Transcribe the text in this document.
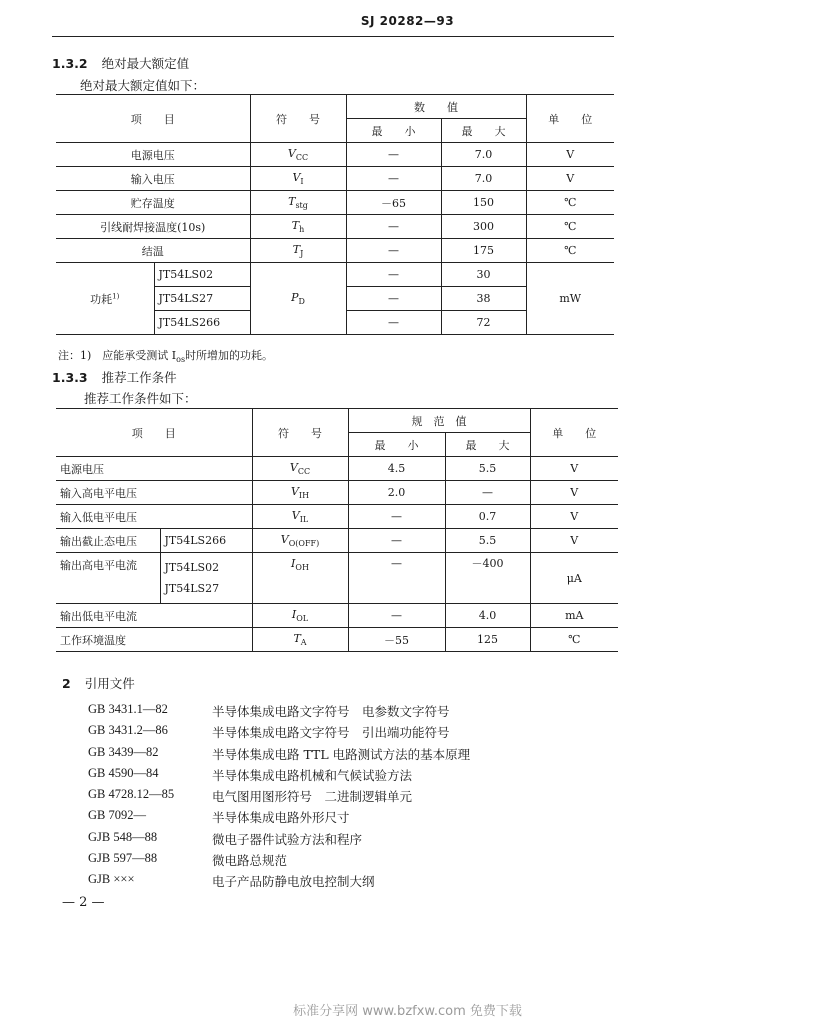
SJ 20282—93
1.3.2 绝对最大额定值
绝对最大额定值如下：
项　　目		符　　号	数　　值		单　　位
			最　　小	最　　大	
电源电压		$V_{CC}$	—	7.0	V
输入电压		$V_I$	—	7.0	V
贮存温度		$T_{stg}$	－65	150	℃
引线耐焊接温度(10s)		$T_h$	—	300	℃
结温		$T_J$	—	175	℃
功耗$^{1)}$	JT54LS02	$P_D$	—	30	mW
	JT54LS27		—	38	
	JT54LS266		—	72	
注：1)　应能承受测试 $I_{os}$时所增加的功耗。
1.3.3 推荐工作条件
推荐工作条件如下：
项　　目		符　　号	规　范　值		单　　位
			最　　小	最　　大	
电源电压		$V_{CC}$	4.5	5.5	V
输入高电平电压		$V_{IH}$	2.0	—	V
输入低电平电压		$V_{IL}$	—	0.7	V
输出截止态电压	JT54LS266	$V_{O(OFF)}$	—	5.5	V
输出高电平电流	JT54LS02
JT54LS27	$I_{OH}$	—	－400	μA
输出低电平电流		$I_{OL}$	—	4.0	mA
工作环境温度		$T_A$	－55	125	℃
2 引用文件
GB 3431.1—82	半导体集成电路文字符号　电参数文字符号
GB 3431.2—86	半导体集成电路文字符号　引出端功能符号
GB 3439—82	半导体集成电路 TTL 电路测试方法的基本原理
GB 4590—84	半导体集成电路机械和气候试验方法
GB 4728.12—85	电气图用图形符号　二进制逻辑单元
GB 7092—	半导体集成电路外形尺寸
GJB 548—88	微电子器件试验方法和程序
GJB 597—88	微电路总规范
GJB ×××	电子产品防静电放电控制大纲
— 2 —
标准分享网 www.bzfxw.com 免费下载
